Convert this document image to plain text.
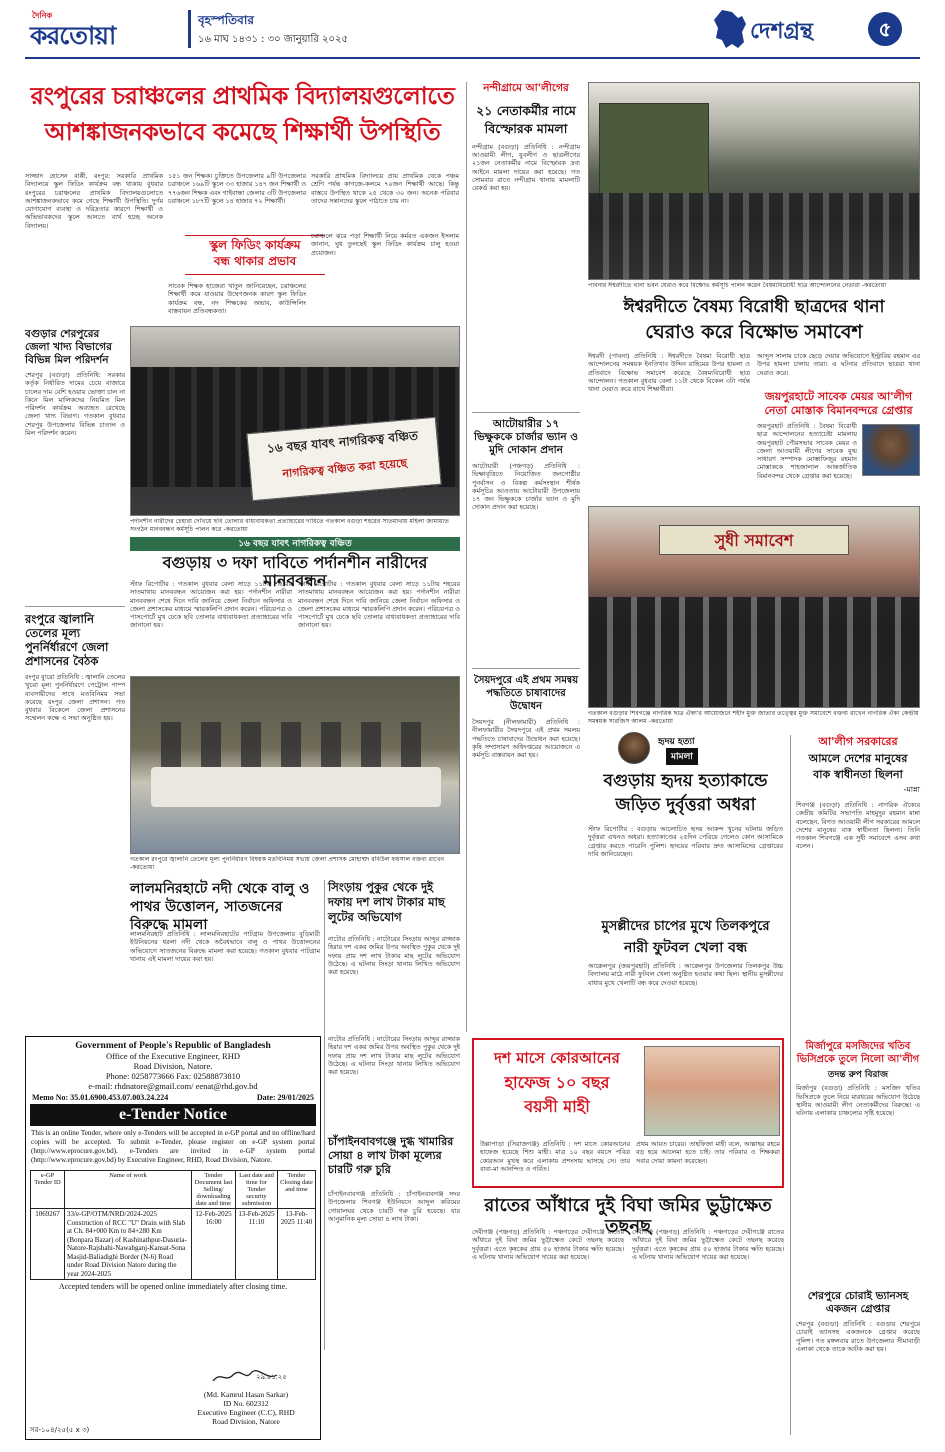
দৈনিক
করতোয়া
বৃহস্পতিবার
১৬ মাঘ ১৪৩১ : ৩০ জানুয়ারি ২০২৫	দেশগ্রন্থ	৫
রংপুরের চরাঞ্চলের প্রাথমিক বিদ্যালয়গুলোতে
আশঙ্কাজনকভাবে কমেছে শিক্ষার্থী উপস্থিতি
সাজ্জাদ হোসেন বাপ্পী, রংপুর: সরকারি প্রাথমিক বিদ্যালয়ে স্কুল ফিডিং কার্যক্রম বন্ধ থাকায় বুধবার রংপুরের চরাঞ্চলের প্রাথমিক বিদ্যালয়গুলোতে আশঙ্কাজনকভাবে কমে গেছে শিক্ষার্থী উপস্থিতি। দুর্গম যোগাযোগ ব্যবস্থা ও দরিদ্রতার কারণে শিক্ষার্থী ও অভিভাবকদের স্কুলে আনতে ব্যর্থ হচ্ছে অনেক বিদ্যালয়।
১৫১ জন শিক্ষক। চুক্তিতে উপজেলার ৯টি উপজেলার চরাঞ্চলে ১৬৯টি স্কুলে ৩৩ হাজার ১৪৭ জন শিক্ষার্থী ও ৭৭৬জন শিক্ষক এবং গাইবান্ধা জেলার ৩টি উপজেলার চরাঞ্চলে ১৮৭টি স্কুলে ১৪ হাজার ৭২ শিক্ষার্থী।
সরকারি প্রাথমিক বিদ্যালয়ে প্রায় প্রাথমিক থেকে পঞ্চম শ্রেণি পর্যন্ত কাগজে-কলমে ৭০জন শিক্ষার্থী আছে। কিন্তু বাস্তবে উপস্থিত থাকে ২৫ থেকে ৩০ জন। অনেক পরিবার তাদের সন্তানদের স্কুলে পাঠাতে চায় না।
স্কুল ফিডিং কার্যক্রম
বন্ধ থাকার প্রভাব
সাবেক শিক্ষক হাজেরা খাতুন জানিয়েছেন, চরাঞ্চলের শিক্ষার্থী কমে যাওয়ার উদ্বেগজনক কারণ স্কুল ফিডিং কার্যক্রম বন্ধ, নদ শিক্ষকের অভাব, কাউন্সিলিং বাস্তবায়ন প্রতিবন্ধকতা।
চরাঞ্চলে ঝরে পড়া শিক্ষার্থী নিয়ে কর্মরত একজন ইসলাম জানান, ঘুধ তুলছেই স্কুল ফিডিং কার্যক্রম চালু হওয়া প্রয়োজন।
বগুড়ার শেরপুরের জেলা খাদ্য বিভাগের বিভিন্ন মিল পরিদর্শন
শেরপুর (বগুড়া) প্রতিনিধি: সরকার কর্তৃক নির্ধারিত দামের চেয়ে বাজারে চালের দাম বেশি হওয়ায় ভোক্তা চাল না কিনে মিল মালিকদের নিয়মিত মিল পরিদর্শন কার্যক্রম অব্যাহত রেখেছে জেলা খাদ্য বিভাগ। গতকাল বুধবার শেরপুর উপজেলার বিভিন্ন চাতাল ও মিল পরিদর্শন করেন।
রংপুরে জ্বালানি তেলের মূল্য পুনর্নির্ধারণে জেলা প্রশাসনের বৈঠক
রংপুর ব্যুরো প্রতিনিধি : জ্বালানি তেলের খুচরা মূল্য পুনর্নির্ধারণে পেট্রোল পাম্প ব্যবসায়ীদের সাথে মতবিনিময় সভা করেছে রংপুর জেলা প্রশাসন। গত বুধবার বিকেলে জেলা প্রশাসনের সম্মেলন কক্ষে এ সভা অনুষ্ঠিত হয়।
১৬ বছর যাবৎ নাগরিকত্ব বঞ্চিত
নাগরিকত্ব বঞ্চিত করা হয়েছে
পর্দানশীন নারীদের চেহারা দেখিয়ে ছবি তোলার বাধ্যবাধকতা প্রত্যাহারের দাবিতে গতকাল বগুড়া শহরের সাতমাথায় মহিলা জামায়াত সংগঠন মানববন্ধন কর্মসূচি পালন করে -করতোয়া
১৬ বছর যাবৎ নাগরিকত্ব বঞ্চিত
বগুড়ায় ৩ দফা দাবিতে পর্দানশীন নারীদের মানববন্ধন
স্টাফ রিপোর্টার : গতকাল বুধবার বেলা সাড়ে ১১টায় শহরের সাতমাথায় মানববন্ধন আয়োজন করা হয়। পর্দানশীন নারীরা মানববন্ধন শেষে দিনে দাবি জানিয়ে জেলা নির্বাচন অফিসার ও জেলা প্রশাসকের মাধ্যমে স্মারকলিপি প্রদান করেন। পরিচয়পত্র ও পাসপোর্টে মুখ ঢেকে ছবি তোলার বাধ্যবাধকতা প্রত্যাহারের দাবি জানানো হয়।
স্টাফ রিপোর্টার : গতকাল বুধবার বেলা সাড়ে ১১টায় শহরের সাতমাথায় মানববন্ধন আয়োজন করা হয়। পর্দানশীন নারীরা মানববন্ধন শেষে দিনে দাবি জানিয়ে জেলা নির্বাচন অফিসার ও জেলা প্রশাসকের মাধ্যমে স্মারকলিপি প্রদান করেন। পরিচয়পত্র ও পাসপোর্টে মুখ ঢেকে ছবি তোলার বাধ্যবাধকতা প্রত্যাহারের দাবি জানানো হয়।
গতকাল রংপুরে জ্বালানি তেলের মূল্য পুনর্নির্ধারণ বিষয়ক মতবিনিময় সভায় জেলা প্রশাসক মোহাম্মদ রবিউল ফয়সাল বক্তব্য রাখেন -করতোয়া
লালমনিরহাটে নদী থেকে বালু ও পাথর উত্তোলন, সাতজনের বিরুদ্ধে মামলা
লালমনিরহাট প্রতিনিধি : লালমনিরহাটের পাটগ্রাম উপজেলার বুড়িমারী ইউনিয়নের ধরলা নদী থেকে অবৈধভাবে বালু ও পাথর উত্তোলনের অভিযোগে সাতজনের বিরুদ্ধে মামলা করা হয়েছে। গতকাল বুধবার পাটগ্রাম থানায় এই মামলা দায়ের করা হয়।
সিংড়ায় পুকুর থেকে দুই দফায় দশ লাখ টাকার মাছ লুটের অভিযোগ
নাটোর প্রতিনিধি : নাটোরের সিংড়ায় আব্দুর রাজ্জাক হিরার দশ একর জমির উপর অবস্থিত পুকুর থেকে দুই দফায় প্রায় দশ লাখ টাকার মাছ লুটের অভিযোগ উঠেছে। এ ঘটনায় সিংড়া থানায় লিখিত অভিযোগ করা হয়েছে।
চাঁপাইনবাবগঞ্জে দুগ্ধ খামারির সোয়া ৪ লাখ টাকা মূল্যের চারটি গরু চুরি
চাঁপাইনবাবগঞ্জ প্রতিনিধি : চাঁপাইনবাবগঞ্জ সদর উপজেলার শিবগঞ্জ ইউনিয়নে আব্দুল করিমের গোয়ালঘর থেকে চারটি গরু চুরি হয়েছে। যার আনুমানিক মূল্য সোয়া ৪ লাখ টাকা।
নাটোর প্রতিনিধি : নাটোরের সিংড়ায় আব্দুর রাজ্জাক হিরার দশ একর জমির উপর অবস্থিত পুকুর থেকে দুই দফায় প্রায় দশ লাখ টাকার মাছ লুটের অভিযোগ উঠেছে। এ ঘটনায় সিংড়া থানায় লিখিত অভিযোগ করা হয়েছে।
Government of People's Republic of Bangladesh
Office of the Executive Engineer, RHD
Road Division, Natore.
Phone: 0258773666 Fax: 02588873810
e-mail: rhdnatore@gmail.com/ eenat@rhd.gov.bd
Memo No: 35.01.6900.453.07.003.24.224	Date: 29/01/2025
e-Tender Notice
This is an online Tender, where only e-Tenders will be accepted in e-GP portal and no offline/hard copies will be accepted. To submit e-Tender, please register on e-GP system portal (http://www.eprocure.gov.bd). e-Tenders are invited in e-GP system portal (http://www.eprocure.gov.bd) by Executive Engineer, RHD, Road Division, Natore.
e-GP Tender ID	Name of work	Tender Document last Selling/ downloading date and time	Last date and time for Tender security submission	Tender Closing date and time
1069267	33/e-GP/OTM/NRD/2024-2025 Construction of RCC "U" Drain with Slab at Ch. 84+000 Km to 84+280 Km (Bonpara Bazar) of Kashinathpur-Dasuria-Natore-Rajshahi-Nawabganj-Kansat-Sona Masjid-Baliadighi Border (N-6) Road under Road Division Natore during the year 2024-2025	12-Feb-2025 16:00	13-Feb-2025 11:10	13-Feb-2025 11:40
Accepted tenders will be opened online immediately after closing time.
২৯.০১.২৫
(Md. Kamrul Hasan Sarkar)
ID No. 602312
Executive Engineer (C.C), RHD
Road Division, Natore
সর-১০৪/২৫(৫ x ৩)
নন্দীগ্রামে আ'লীগের
২১ নেতাকর্মীর নামে
বিস্ফোরক মামলা
নন্দীগ্রাম (বগুড়া) প্রতিনিধি : নন্দীগ্রাম আওয়ামী লীগ, যুবলীগ ও ছাত্রলীগের ২১জন নেতাকর্মীর নামে বিস্ফোরক দ্রব্য আইনে মামলা দায়ের করা হয়েছে। গত সোমবার রাতে নন্দীগ্রাম থানায় মামলাটি রেকর্ড করা হয়।
আটোয়ারীর ১৭ ভিক্ষুককে চার্জার ভ্যান ও মুদি দোকান প্রদান
আটোয়ারী (পঞ্চগড়) প্রতিনিধি : ভিক্ষাবৃত্তিতে নিয়োজিত জনগোষ্ঠীর পুনর্বাসন ও বিকল্প কর্মসংস্থান শীর্ষক কর্মসূচির আওতায় আটোয়ারী উপজেলায় ১৭ জন ভিক্ষুককে চার্জার ভ্যান ও মুদি দোকান প্রদান করা হয়েছে।
সৈয়দপুরে এই প্রথম সমন্বয় পদ্ধতিতে চাষাবাদের উদ্বোধন
সৈয়দপুর (নীলফামারী) প্রতিনিধি : নীলফামারীর সৈয়দপুরে এই প্রথম সমলয় পদ্ধতিতে চাষাবাদের উদ্বোধন করা হয়েছে। কৃষি সম্প্রসারণ অধিদপ্তরের আয়োজনে এ কর্মসূচি বাস্তবায়ন করা হয়।
পাবনার ঈশ্বরদীতে থানা ভবন ঘেরাও করে বিক্ষোভ কর্মসূচি পালন করেন বৈষম্যবিরোধী ছাত্র আন্দোলনের নেতারা -করতোয়া
ঈশ্বরদীতে বৈষম্য বিরোধী ছাত্রদের থানা
ঘেরাও করে বিক্ষোভ সমাবেশ
ঈশ্বরদী (পাবনা) প্রতিনিধি : ঈশ্বরদীতে বৈষম্য বিরোধী ছাত্র আন্দোলনের সমন্বয়ক ইনতিখাব উদ্দিন রাহিমের উপর হামলা ও প্রতিবাদে বিক্ষোভ সমাবেশ করেছে বৈষম্যবিরোধী ছাত্র আন্দোলন। গতকাল বুধবার বেলা ১১টা থেকে বিকেল ৩টা পর্যন্ত থানা ঘেরাও করে রাখে শিক্ষার্থীরা।
আব্দুস সালাম চাকে ছেড়ে দেয়ার অভিযোগে ইন্ট্রারিয় রহমান এর উপর হামলা চালায় তারা। এ ঘটনার প্রতিবাদে ছাত্ররা থানা ঘেরাও করে।
জয়পুরহাটে সাবেক মেয়র আ'লীগ নেতা মোস্তাক বিমানবন্দরে গ্রেপ্তার
জয়পুরহাট প্রতিনিধি : বৈষম্য বিরোধী ছাত্র আন্দোলনের হত্যাচেষ্টা মামলায় জয়পুরহাট পৌরসভার সাবেক মেয়র ও জেলা আওয়ামী লীগের সাবেক যুগ্ম সাধারণ সম্পাদক মোস্তাফিজুর রহমান মোস্তাককে শাহজালাল আন্তর্জাতিক বিমানবন্দর থেকে গ্রেপ্তার করা হয়েছে।
সুধী সমাবেশ
গতকাল বগুড়ার শিবগঞ্জে নাগরিক ছাত্র ঐক্য'র আয়োজনে শহীদ মুক্ত জাতার তত্ত্বের মুক্ত সমাবেশে বক্তব্য রাখেন নাগরিক ঐক্য কেন্দ্রীয় সমন্বয়ক সারজিস আলম -করতোয়া
হৃদয় হত্যা
মামলা
বগুড়ায় হৃদয় হত্যাকান্ডে
জড়িত দুর্বৃত্তরা অধরা
স্টাফ রিপোর্টার : বগুড়ায় আলোচিত হৃদয় আকন্দ খুনের ঘটনায় জড়িত দুর্বৃত্তরা এখনও অধরা। হত্যাকাণ্ডের ২৫দিন পেরিয়ে গেলেও কোন আসামিকে গ্রেপ্তার করতে পারেনি পুলিশ। হৃদয়ের পরিবার দ্রুত আসামিদের গ্রেপ্তারের দাবি জানিয়েছেন।
আ'লীগ সরকারের
আমলে দেশের মানুষের
বাক স্বাধীনতা ছিলনা
-মান্না
শিবগঞ্জ (বগুড়া) প্রতিনিধি : নাগরিক ঐক্যের কেন্দ্রীয় কমিটির সভাপতি মাহমুদুর রহমান মান্না বলেছেন, বিগত আওয়ামী লীগ সরকারের আমলে দেশের মানুষের বাক স্বাধীনতা ছিলনা। তিনি গতকাল শিবগঞ্জে এক সুধী সমাবেশে এসব কথা বলেন।
মুসল্লীদের চাপের মুখে তিলকপুরে
নারী ফুটবল খেলা বন্ধ
আক্কেলপুর (জয়পুরহাট) প্রতিনিধি : আক্কেলপুর উপজেলার তিলকপুর উচ্চ বিদ্যালয় মাঠে নারী ফুটবল খেলা অনুষ্ঠিত হওয়ার কথা ছিল। স্থানীয় মুসল্লীদের বাধার মুখে খেলাটি বন্ধ করে দেওয়া হয়েছে।
মির্জাপুরে মসজিদের খতিব ভিসিপ্রকে তুলে নিলো আ'লীগ
তদন্ত রুপ বিরাজ
মির্জাপুর (বগুড়া) প্রতিনিধি : মসজিদ খতিব ভিসিপ্রকে তুলে নিয়ে মারধরের অভিযোগ উঠেছে স্থানীয় আওয়ামী লীগ নেতাকর্মীদের বিরুদ্ধে। এ ঘটনায় এলাকায় চাঞ্চল্যের সৃষ্টি হয়েছে।
শেরপুরে চোরাই ভ্যানসহ একজন গ্রেপ্তার
শেরপুর (বগুড়া) প্রতিনিধি : বগুড়ার শেরপুরে চোরাই ভ্যানসহ একজনকে গ্রেপ্তার করেছে পুলিশ। গত মঙ্গলবার রাতে উপজেলার সীমাবাড়ী এলাকা থেকে তাকে আটক করা হয়।
দশ মাসে কোরআনের
হাফেজ ১০ বছর
বয়সী মাহী
উল্লাপাড়া (সিরাজগঞ্জ) প্রতিনিধি : দশ মাসে কোরআনের হাফেজ হয়েছে শিশু মাহী। মাত্র ১০ বছর বয়সে পবিত্র কোরআন মুখস্থ করে এলাকায় প্রশংসায় ভাসছে সে। তার বাবা-মা আনন্দিত ও গর্বিত।
প্রথম আয়ত চারের। তাহফিজা মাহী বলে, আল্লাহর রহমে বড় হয়ে আলেমা হতে চাই। তার পরিবার ও শিক্ষকরা সবার দোয়া কামনা করেছেন।
রাতের আঁধারে দুই বিঘা জমির ভুট্টাক্ষেত তছনছ
দেবীগঞ্জ (পঞ্চগড়) প্রতিনিধি : পঞ্চগড়ের দেবীগঞ্জে রাতের আঁধারে দুই বিঘা জমির ভুট্টাক্ষেত কেটে তছনছ করেছে দুর্বৃত্তরা। এতে কৃষকের প্রায় ৫০ হাজার টাকার ক্ষতি হয়েছে। এ ঘটনায় থানায় অভিযোগ দায়ের করা হয়েছে।
দেবীগঞ্জ (পঞ্চগড়) প্রতিনিধি : পঞ্চগড়ের দেবীগঞ্জে রাতের আঁধারে দুই বিঘা জমির ভুট্টাক্ষেত কেটে তছনছ করেছে দুর্বৃত্তরা। এতে কৃষকের প্রায় ৫০ হাজার টাকার ক্ষতি হয়েছে। এ ঘটনায় থানায় অভিযোগ দায়ের করা হয়েছে।
